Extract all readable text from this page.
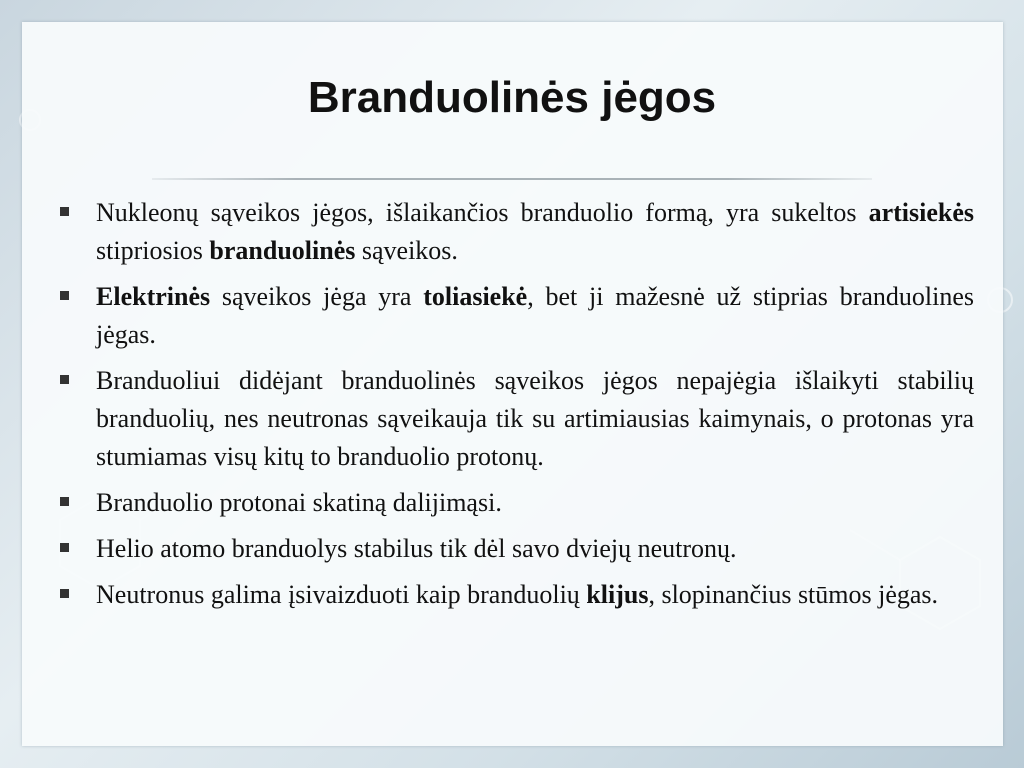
Branduolinės jėgos
Nukleonų sąveikos jėgos, išlaikančios branduolio formą, yra sukeltos artisiekės stipriosios branduolinės sąveikos.
Elektrinės sąveikos jėga yra toliasiekė, bet ji mažesnė už stiprias branduolines jėgas.
Branduoliui didėjant branduolinės sąveikos jėgos nepajėgia išlaikyti stabilių branduolių, nes neutronas sąveikauja tik su artimiausias kaimynais, o protonas yra stumiamas visų kitų to branduolio protonų.
Branduolio protonai skatiną dalijimąsi.
Helio atomo branduolys stabilus tik dėl savo dviejų neutronų.
Neutronus galima įsivaizduoti kaip branduolių klijus, slopinančius stūmos jėgas.
